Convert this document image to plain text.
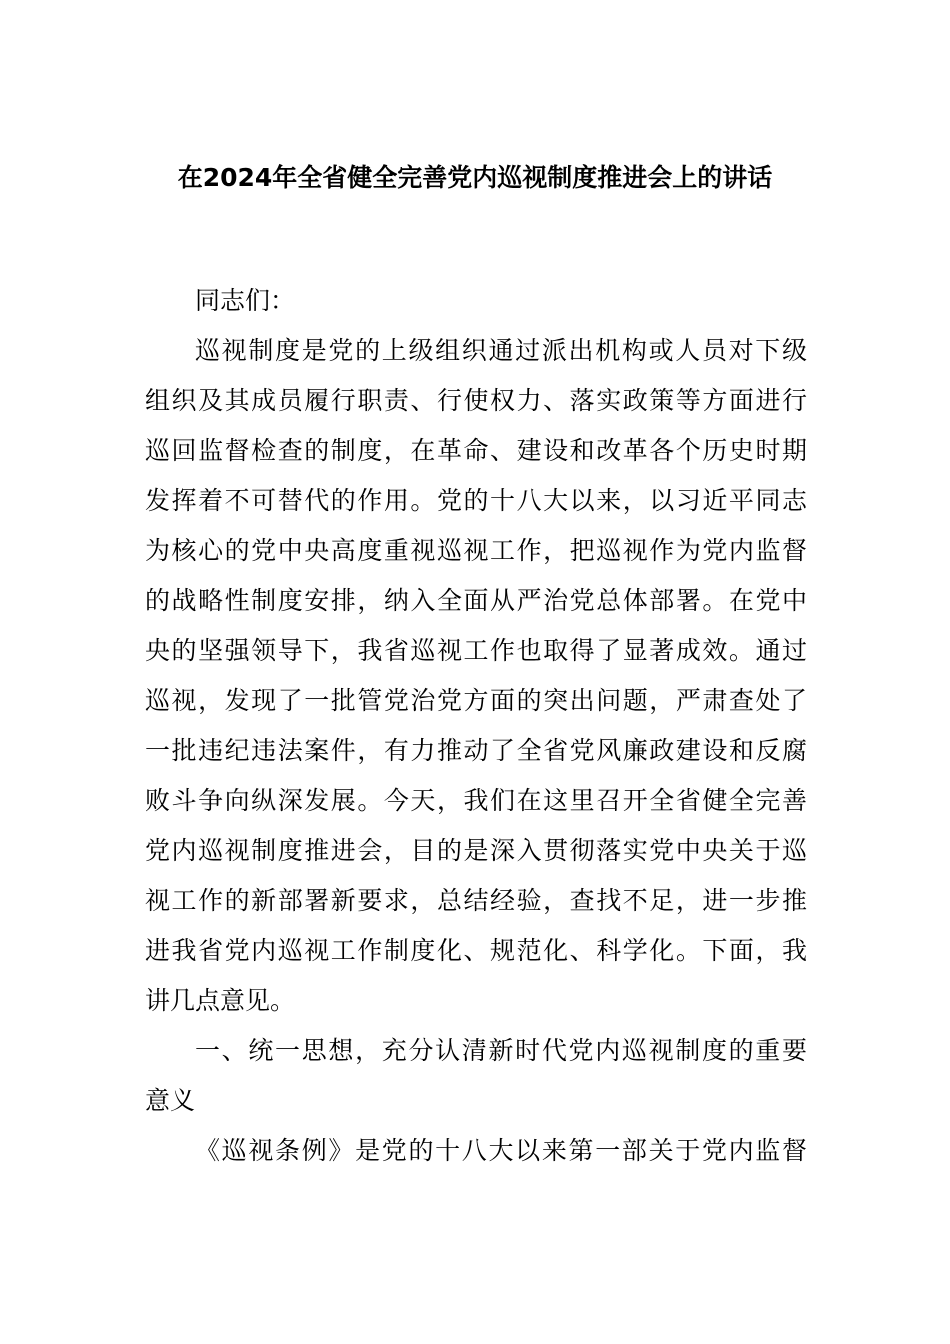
在2024年全省健全完善党内巡视制度推进会上的讲话
同志们：
巡视制度是党的上级组织通过派出机构或人员对下级
组织及其成员履行职责、行使权力、落实政策等方面进行
巡回监督检查的制度，在革命、建设和改革各个历史时期
发挥着不可替代的作用。党的十八大以来，以习近平同志
为核心的党中央高度重视巡视工作，把巡视作为党内监督
的战略性制度安排，纳入全面从严治党总体部署。在党中
央的坚强领导下，我省巡视工作也取得了显著成效。通过
巡视，发现了一批管党治党方面的突出问题，严肃查处了
一批违纪违法案件，有力推动了全省党风廉政建设和反腐
败斗争向纵深发展。今天，我们在这里召开全省健全完善
党内巡视制度推进会，目的是深入贯彻落实党中央关于巡
视工作的新部署新要求，总结经验，查找不足，进一步推
进我省党内巡视工作制度化、规范化、科学化。下面，我
讲几点意见。
一、统一思想，充分认清新时代党内巡视制度的重要
意义
《巡视条例》是党的十八大以来第一部关于党内监督
